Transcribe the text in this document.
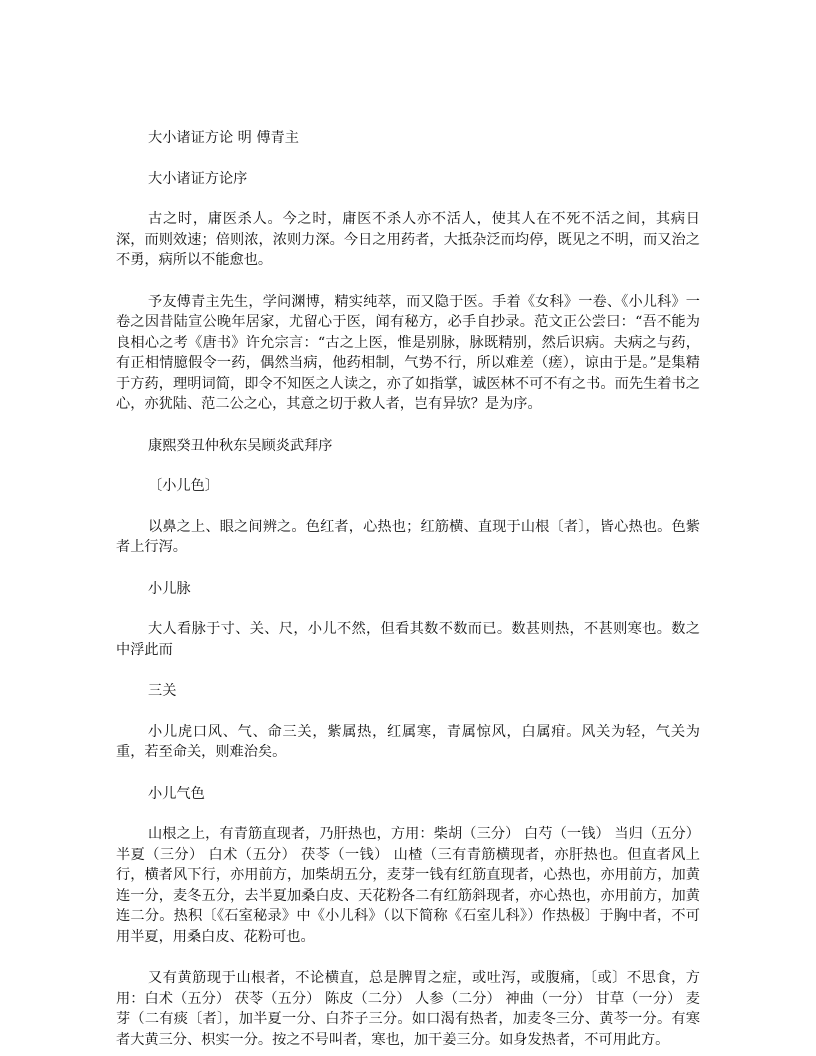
大小诸证方论 明 傅青主

大小诸证方论序

古之时，庸医杀人。今之时，庸医不杀人亦不活人，使其人在不死不活之间，其病日深，而则效速；倍则浓，浓则力深。今日之用药者，大抵杂泛而均停，既见之不明，而又治之不勇，病所以不能愈也。

予友傅青主先生，学问渊博，精实纯萃，而又隐于医。手着《女科》一卷、《小儿科》一卷之因昔陆宣公晚年居家，尤留心于医，闻有秘方，必手自抄录。范文正公尝曰：“吾不能为良相心之考《唐书》许允宗言：“古之上医，惟是别脉，脉既精别，然后识病。夫病之与药，有正相情臆假令一药，偶然当病，他药相制，气势不行，所以难差（瘥），谅由于是。”是集精于方药，理明词简，即令不知医之人读之，亦了如指掌，诚医林不可不有之书。而先生着书之心，亦犹陆、范二公之心，其意之切于救人者，岂有异欤？是为序。

康熙癸丑仲秋东吴顾炎武拜序

〔小儿色〕

以鼻之上、眼之间辨之。色红者，心热也；红筋横、直现于山根〔者〕，皆心热也。色紫者上行泻。

小儿脉

大人看脉于寸、关、尺，小儿不然，但看其数不数而已。数甚则热，不甚则寒也。数之中浮此而

三关

小儿虎口风、气、命三关，紫属热，红属寒，青属惊风，白属疳。风关为轻，气关为重，若至命关，则难治矣。

小儿气色

山根之上，有青筋直现者，乃肝热也，方用：柴胡（三分） 白芍（一钱） 当归（五分） 半夏（三分） 白术（五分） 茯苓（一钱） 山楂（三有青筋横现者，亦肝热也。但直者风上行，横者风下行，亦用前方，加柴胡五分，麦芽一钱有红筋直现者，心热也，亦用前方，加黄连一分，麦冬五分，去半夏加桑白皮、天花粉各二有红筋斜现者，亦心热也，亦用前方，加黄连二分。热积〔《石室秘录》中《小儿科》（以下简称《石室儿科》）作热极〕于胸中者，不可用半夏，用桑白皮、花粉可也。

又有黄筋现于山根者，不论横直，总是脾胃之症，或吐泻，或腹痛，〔或〕不思食，方用：白术（五分） 茯苓（五分） 陈皮（二分） 人参（二分） 神曲（一分） 甘草（一分） 麦芽（二有痰〔者〕，加半夏一分、白芥子三分。如口渴有热者，加麦冬三分、黄芩一分。有寒者大黄三分、枳实一分。按之不号叫者，寒也，加干姜三分。如身发热者，不可用此方。
